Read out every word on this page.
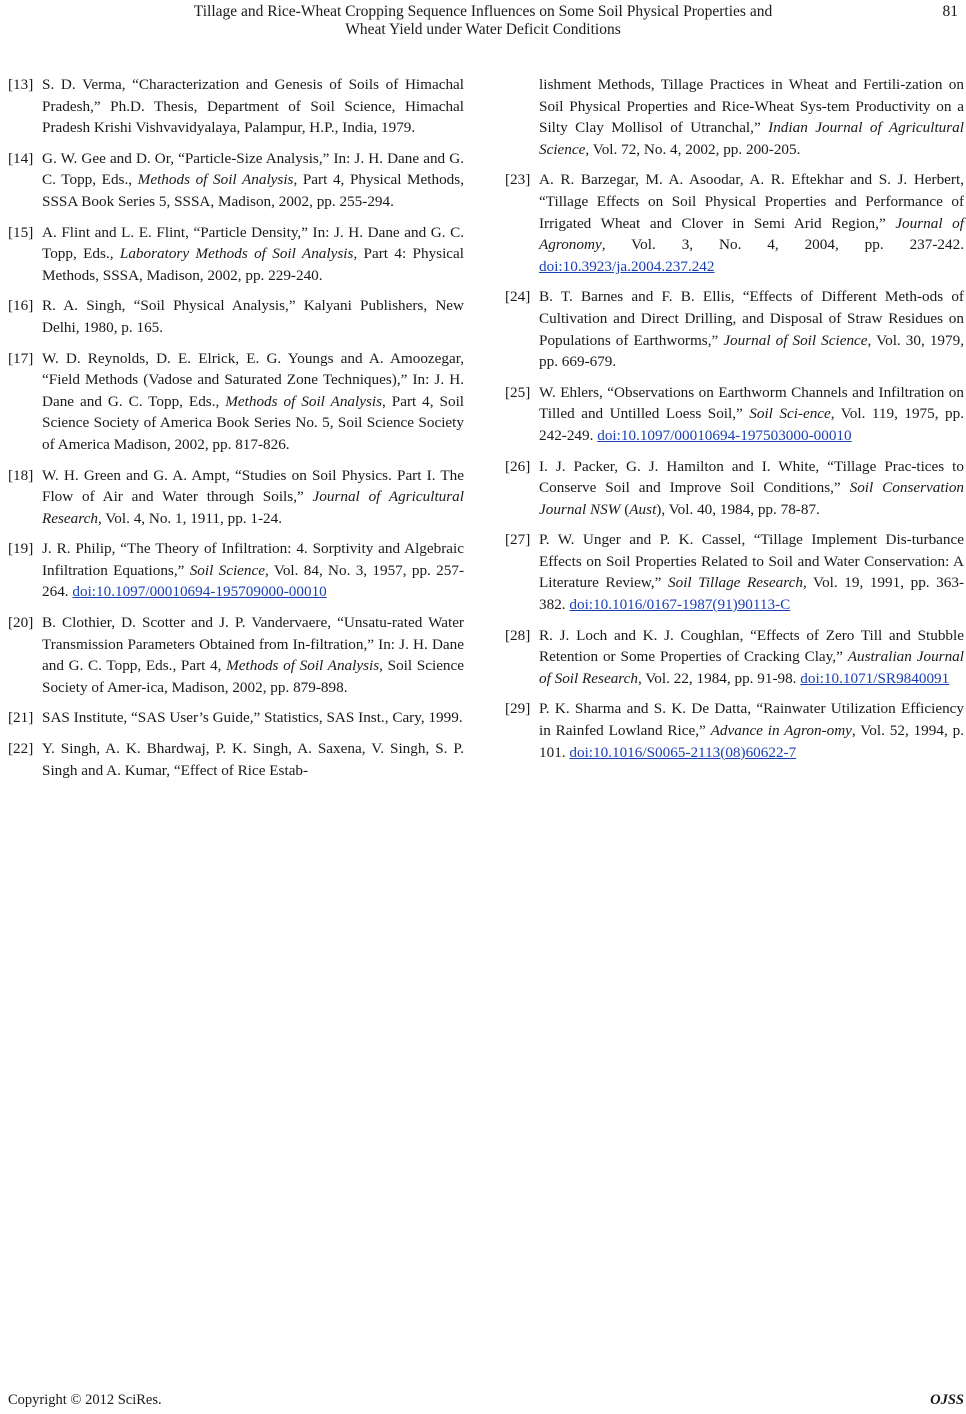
Tillage and Rice-Wheat Cropping Sequence Influences on Some Soil Physical Properties and
Wheat Yield under Water Deficit Conditions
81
[13] S. D. Verma, “Characterization and Genesis of Soils of Himachal Pradesh,” Ph.D. Thesis, Department of Soil Science, Himachal Pradesh Krishi Vishvavidyalaya, Palampur, H.P., India, 1979.
[14] G. W. Gee and D. Or, “Particle-Size Analysis,” In: J. H. Dane and G. C. Topp, Eds., Methods of Soil Analysis, Part 4, Physical Methods, SSSA Book Series 5, SSSA, Madison, 2002, pp. 255-294.
[15] A. Flint and L. E. Flint, “Particle Density,” In: J. H. Dane and G. C. Topp, Eds., Laboratory Methods of Soil Analysis, Part 4: Physical Methods, SSSA, Madison, 2002, pp. 229-240.
[16] R. A. Singh, “Soil Physical Analysis,” Kalyani Publishers, New Delhi, 1980, p. 165.
[17] W. D. Reynolds, D. E. Elrick, E. G. Youngs and A. Amoozegar, “Field Methods (Vadose and Saturated Zone Techniques),” In: J. H. Dane and G. C. Topp, Eds., Methods of Soil Analysis, Part 4, Soil Science Society of America Book Series No. 5, Soil Science Society of America Madison, 2002, pp. 817-826.
[18] W. H. Green and G. A. Ampt, “Studies on Soil Physics. Part I. The Flow of Air and Water through Soils,” Journal of Agricultural Research, Vol. 4, No. 1, 1911, pp. 1-24.
[19] J. R. Philip, “The Theory of Infiltration: 4. Sorptivity and Algebraic Infiltration Equations,” Soil Science, Vol. 84, No. 3, 1957, pp. 257-264. doi:10.1097/00010694-195709000-00010
[20] B. Clothier, D. Scotter and J. P. Vandervaere, “Unsatu-rated Water Transmission Parameters Obtained from In-filtration,” In: J. H. Dane and G. C. Topp, Eds., Part 4, Methods of Soil Analysis, Soil Science Society of Amer-ica, Madison, 2002, pp. 879-898.
[21] SAS Institute, “SAS User’s Guide,” Statistics, SAS Inst., Cary, 1999.
[22] Y. Singh, A. K. Bhardwaj, P. K. Singh, A. Saxena, V. Singh, S. P. Singh and A. Kumar, “Effect of Rice Estab-
lishment Methods, Tillage Practices in Wheat and Fertili-zation on Soil Physical Properties and Rice-Wheat Sys-tem Productivity on a Silty Clay Mollisol of Utranchal,” Indian Journal of Agricultural Science, Vol. 72, No. 4, 2002, pp. 200-205.
[23] A. R. Barzegar, M. A. Asoodar, A. R. Eftekhar and S. J. Herbert, “Tillage Effects on Soil Physical Properties and Performance of Irrigated Wheat and Clover in Semi Arid Region,” Journal of Agronomy, Vol. 3, No. 4, 2004, pp. 237-242. doi:10.3923/ja.2004.237.242
[24] B. T. Barnes and F. B. Ellis, “Effects of Different Meth-ods of Cultivation and Direct Drilling, and Disposal of Straw Residues on Populations of Earthworms,” Journal of Soil Science, Vol. 30, 1979, pp. 669-679.
[25] W. Ehlers, “Observations on Earthworm Channels and Infiltration on Tilled and Untilled Loess Soil,” Soil Sci-ence, Vol. 119, 1975, pp. 242-249. doi:10.1097/00010694-197503000-00010
[26] I. J. Packer, G. J. Hamilton and I. White, “Tillage Prac-tices to Conserve Soil and Improve Soil Conditions,” Soil Conservation Journal NSW (Aust), Vol. 40, 1984, pp. 78-87.
[27] P. W. Unger and P. K. Cassel, “Tillage Implement Dis-turbance Effects on Soil Properties Related to Soil and Water Conservation: A Literature Review,” Soil Tillage Research, Vol. 19, 1991, pp. 363-382. doi:10.1016/0167-1987(91)90113-C
[28] R. J. Loch and K. J. Coughlan, “Effects of Zero Till and Stubble Retention or Some Properties of Cracking Clay,” Australian Journal of Soil Research, Vol. 22, 1984, pp. 91-98. doi:10.1071/SR9840091
[29] P. K. Sharma and S. K. De Datta, “Rainwater Utilization Efficiency in Rainfed Lowland Rice,” Advance in Agron-omy, Vol. 52, 1994, p. 101. doi:10.1016/S0065-2113(08)60622-7
Copyright © 2012 SciRes.	OJSS
